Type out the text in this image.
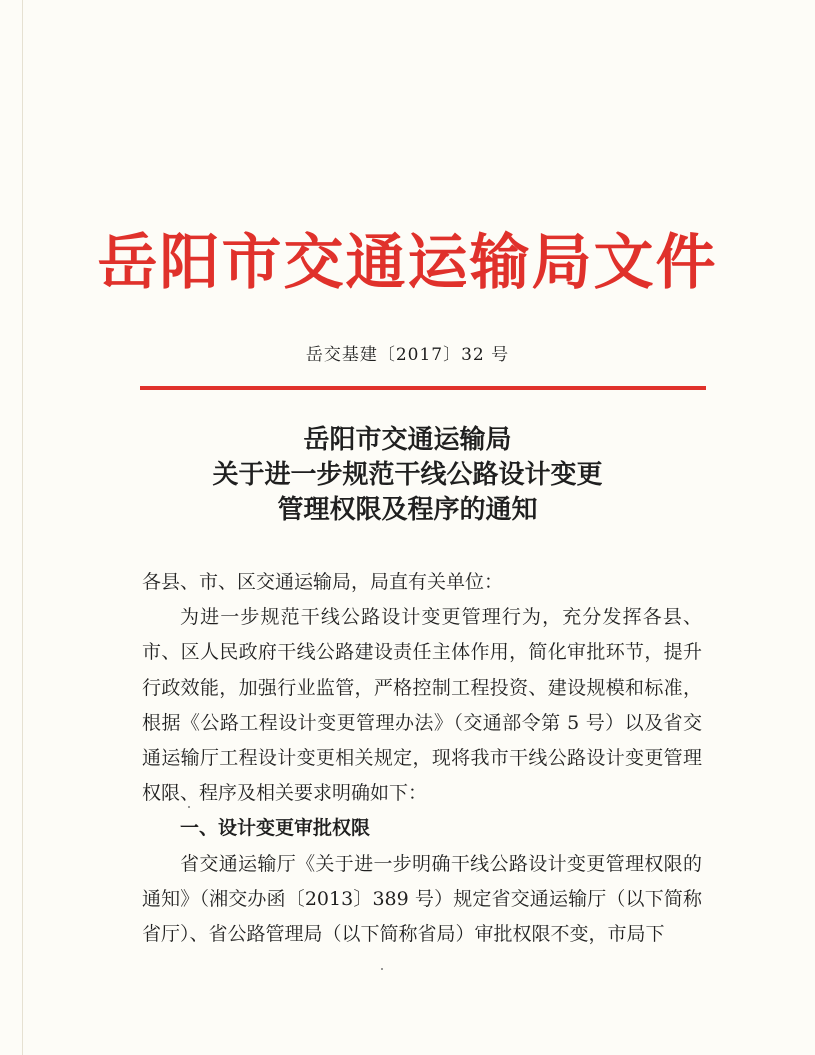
岳阳市交通运输局文件
岳交基建〔2017〕32 号
岳阳市交通运输局
关于进一步规范干线公路设计变更
管理权限及程序的通知

各县、市、区交通运输局，局直有关单位：

为进一步规范干线公路设计变更管理行为，充分发挥各县、市、区人民政府干线公路建设责任主体作用，简化审批环节，提升行政效能，加强行业监管，严格控制工程投资、建设规模和标准，根据《公路工程设计变更管理办法》（交通部令第 5 号）以及省交通运输厅工程设计变更相关规定，现将我市干线公路设计变更管理权限、程序及相关要求明确如下：

一、设计变更审批权限

省交通运输厅《关于进一步明确干线公路设计变更管理权限的通知》（湘交办函〔2013〕389 号）规定省交通运输厅（以下简称省厅）、省公路管理局（以下简称省局）审批权限不变，市局下
